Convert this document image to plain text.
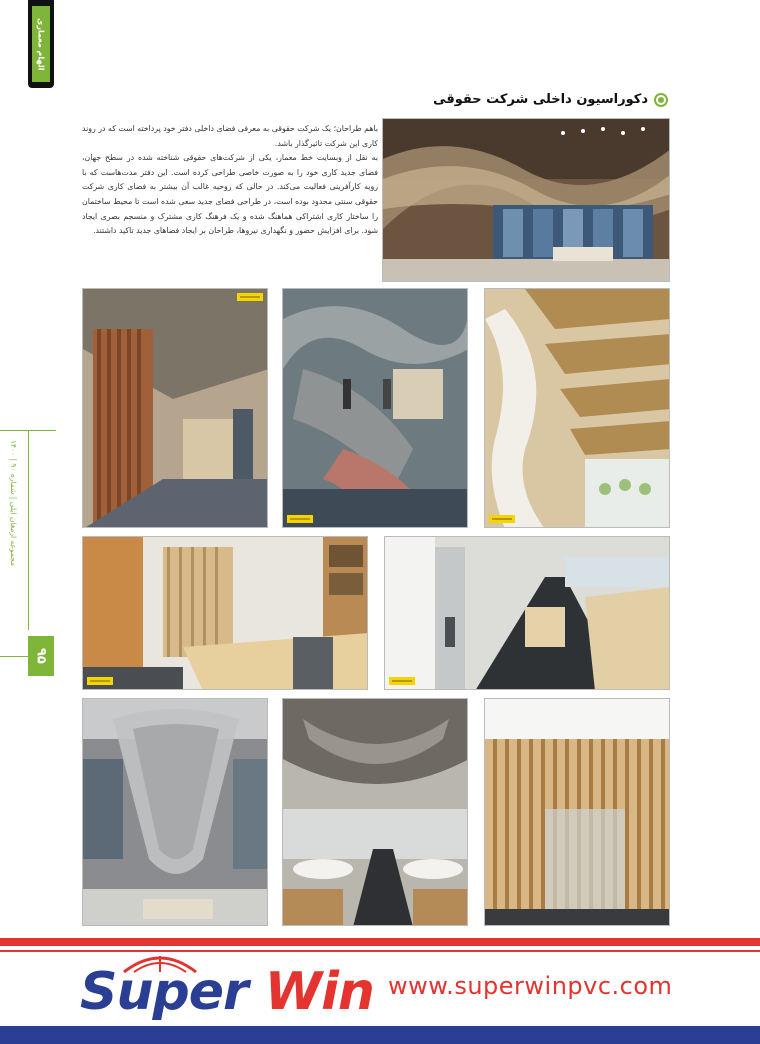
الهام معماری
مجموعه ارمغان ایلی | شماره ۹۰ | ۱۴۰۰
۹۵
دکوراسیون داخلی شرکت حقوقی

باهم طراحان؛ یک شرکت حقوقی به معرفی فضای داخلی دفتر خود پرداخته است که در روند کاری این شرکت تاثیرگذار باشد.

به نقل از وبسایت خط معمار، یکی از شرکت‌های حقوقی شناخته شده در سطح جهان، فضای جدید کاری خود را به صورت خاصی طراحی کرده است. این دفتر مدت‌هاست که با رویه کارآفرینی فعالیت می‌کند. در حالی که روحیه غالب آن بیشتر به فضای کاری شرکت حقوقی سنتی محدود بوده است، در طراحی فضای جدید سعی شده است تا محیط ساختمان را ساختار کاری اشتراکی هماهنگ شده و یک فرهنگ کاری مشترک و منسجم بصری ایجاد شود. برای افزایش حضور و نگهداری نیروها، طراحان بر ایجاد فضاهای جدید تاکید داشتند.

Super Win www.superwinpvc.com
